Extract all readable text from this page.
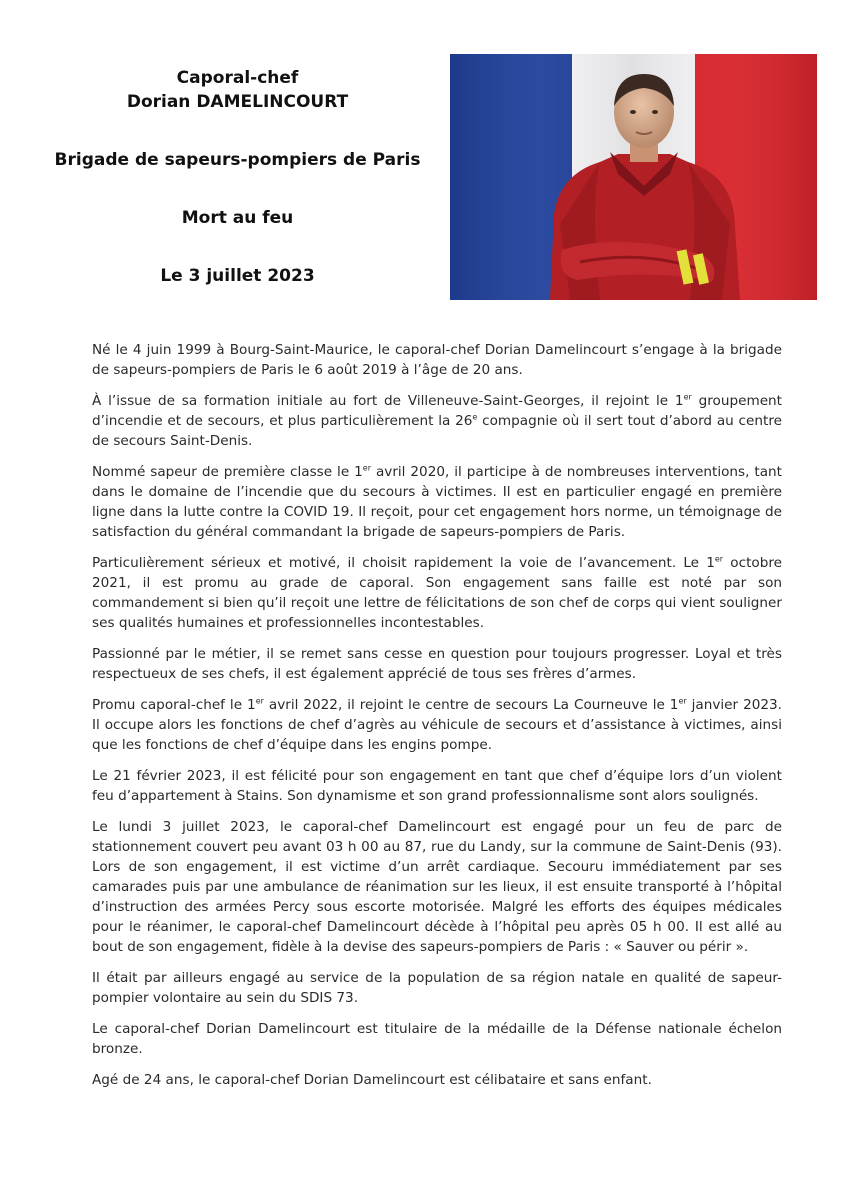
Caporal-chef

Dorian DAMELINCOURT

Brigade de sapeurs-pompiers de Paris

Mort au feu

Le 3 juillet 2023

Né le 4 juin 1999 à Bourg-Saint-Maurice, le caporal-chef Dorian Damelincourt s’engage à la brigade de sapeurs-pompiers de Paris le 6 août 2019 à l’âge de 20 ans.

À l’issue de sa formation initiale au fort de Villeneuve-Saint-Georges, il rejoint le 1er groupement d’incendie et de secours, et plus particulièrement la 26e compagnie où il sert tout d’abord au centre de secours Saint-Denis.

Nommé sapeur de première classe le 1er avril 2020, il participe à de nombreuses interventions, tant dans le domaine de l’incendie que du secours à victimes. Il est en particulier engagé en première ligne dans la lutte contre la COVID 19. Il reçoit, pour cet engagement hors norme, un témoignage de satisfaction du général commandant la brigade de sapeurs-pompiers de Paris.

Particulièrement sérieux et motivé, il choisit rapidement la voie de l’avancement. Le 1er octobre 2021, il est promu au grade de caporal. Son engagement sans faille est noté par son commandement si bien qu’il reçoit une lettre de félicitations de son chef de corps qui vient souligner ses qualités humaines et professionnelles incontestables.

Passionné par le métier, il se remet sans cesse en question pour toujours progresser. Loyal et très respectueux de ses chefs, il est également apprécié de tous ses frères d’armes.

Promu caporal-chef le 1er avril 2022, il rejoint le centre de secours La Courneuve le 1er janvier 2023. Il occupe alors les fonctions de chef d’agrès au véhicule de secours et d’assistance à victimes, ainsi que les fonctions de chef d’équipe dans les engins pompe.

Le 21 février 2023, il est félicité pour son engagement en tant que chef d’équipe lors d’un violent feu d’appartement à Stains. Son dynamisme et son grand professionnalisme sont alors soulignés.

Le lundi 3 juillet 2023, le caporal-chef Damelincourt est engagé pour un feu de parc de stationnement couvert peu avant 03 h 00 au 87, rue du Landy, sur la commune de Saint-Denis (93). Lors de son engagement, il est victime d’un arrêt cardiaque. Secouru immédiatement par ses camarades puis par une ambulance de réanimation sur les lieux, il est ensuite transporté à l’hôpital d’instruction des armées Percy sous escorte motorisée. Malgré les efforts des équipes médicales pour le réanimer, le caporal-chef Damelincourt décède à l’hôpital peu après 05 h 00. Il est allé au bout de son engagement, fidèle à la devise des sapeurs-pompiers de Paris : « Sauver ou périr ».

Il était par ailleurs engagé au service de la population de sa région natale en qualité de sapeur-pompier volontaire au sein du SDIS 73.

Le caporal-chef Dorian Damelincourt est titulaire de la médaille de la Défense nationale échelon bronze.

Agé de 24 ans, le caporal-chef Dorian Damelincourt est célibataire et sans enfant.
